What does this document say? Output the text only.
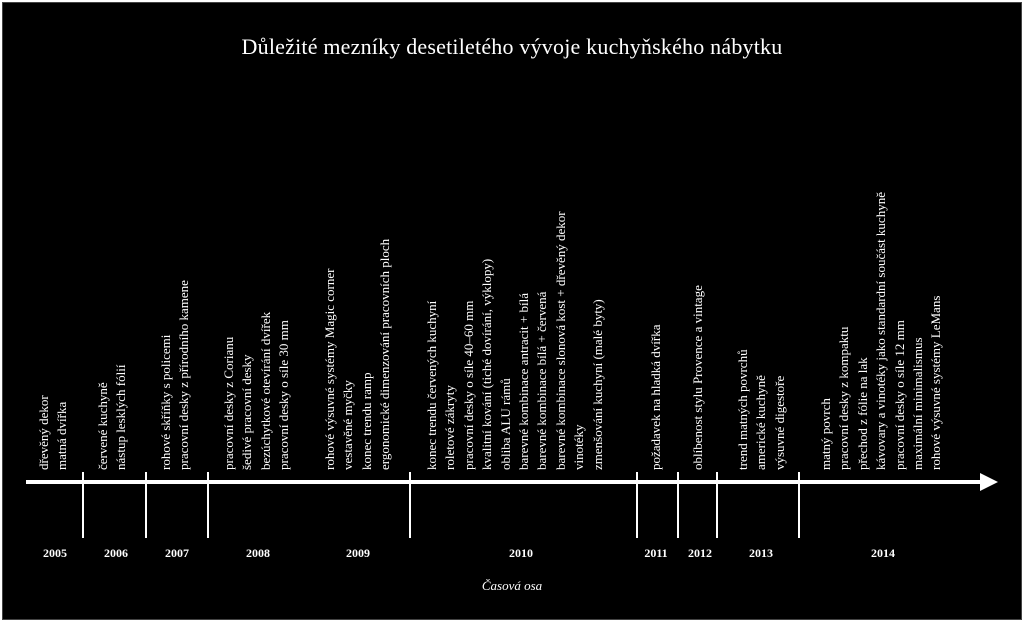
Důležité mezníky desetiletého vývoje kuchyňského nábytku
Časová osa
2005
dřevěný dekor matná dvířka
2006
červené kuchyně nástup lesklých fólií
2007
rohové skříňky s policemi pracovní desky z přírodního kamene
2008
pracovní desky z Corianu šedivé pracovní desky bezúchytkové otevírání dvířek pracovní desky o síle 30 mm
2009
rohové výsuvné systémy Magic corner vestavěné myčky konec trendu ramp ergonomické dimenzování pracovních ploch
2010
konec trendu červených kuchyní roletové zákryty pracovní desky o síle 40–60 mm kvalitní kování (tiché dovírání, výklopy) obliba ALU rámů barevné kombinace antracit + bílá barevné kombinace bílá + červená barevné kombinace slonová kost + dřevěný dekor vinotéky zmenšování kuchyní (malé byty)
2011
požadavek na hladká dvířka
2012
oblíbenost stylu Provence a vintage
2013
trend matných povrchů americké kuchyně výsuvné digestoře
2014
matný povrch pracovní desky z kompaktu přechod z fólie na lak kávovary a vinotéky jako standardní součást kuchyně pracovní desky o síle 12 mm maximální minimalismus rohové výsuvné systémy LeMans
